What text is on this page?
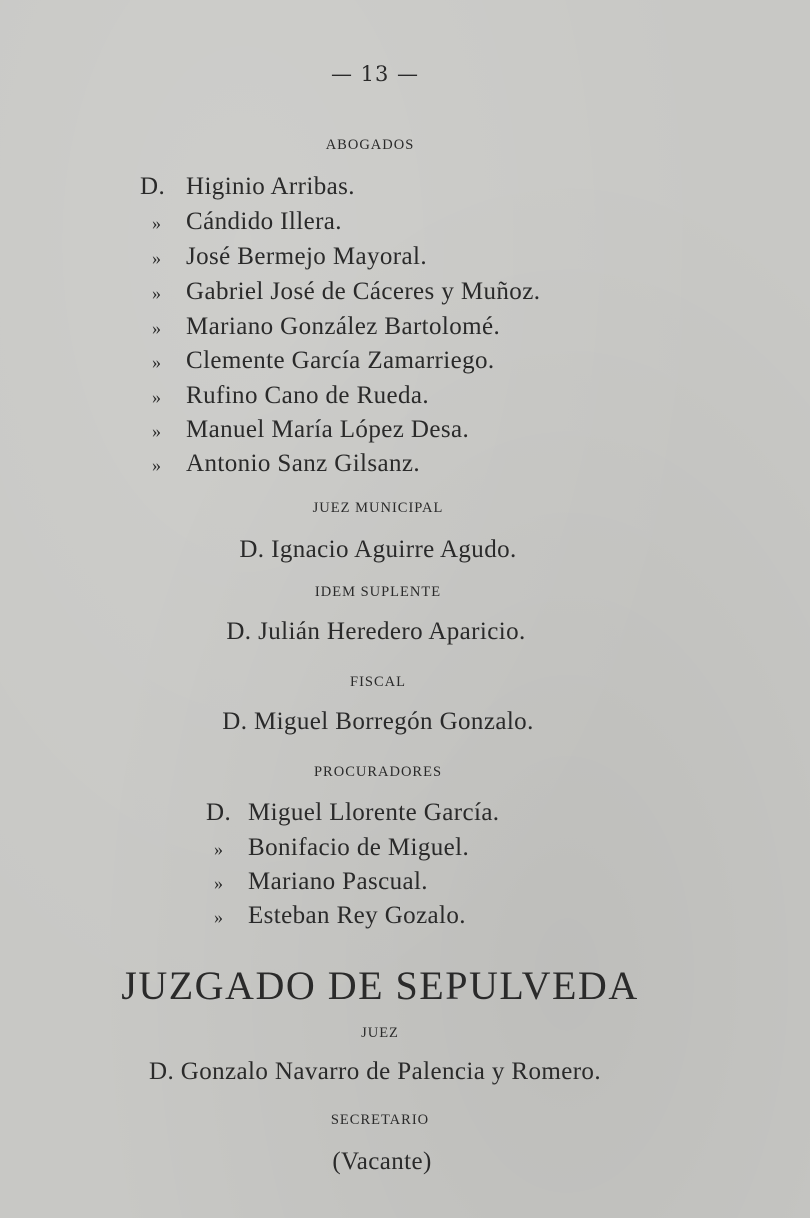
— 13 —
ABOGADOS
D. Higinio Arribas.
» Cándido Illera.
» José Bermejo Mayoral.
» Gabriel José de Cáceres y Muñoz.
» Mariano González Bartolomé.
» Clemente García Zamarriego.
» Rufino Cano de Rueda.
» Manuel María López Desa.
» Antonio Sanz Gilsanz.
JUEZ MUNICIPAL
D. Ignacio Aguirre Agudo.
IDEM SUPLENTE
D. Julián Heredero Aparicio.
FISCAL
D. Miguel Borregón Gonzalo.
PROCURADORES
D. Miguel Llorente García.
» Bonifacio de Miguel.
» Mariano Pascual.
» Esteban Rey Gozalo.
JUZGADO DE SEPULVEDA
JUEZ
D. Gonzalo Navarro de Palencia y Romero.
SECRETARIO
(Vacante)
